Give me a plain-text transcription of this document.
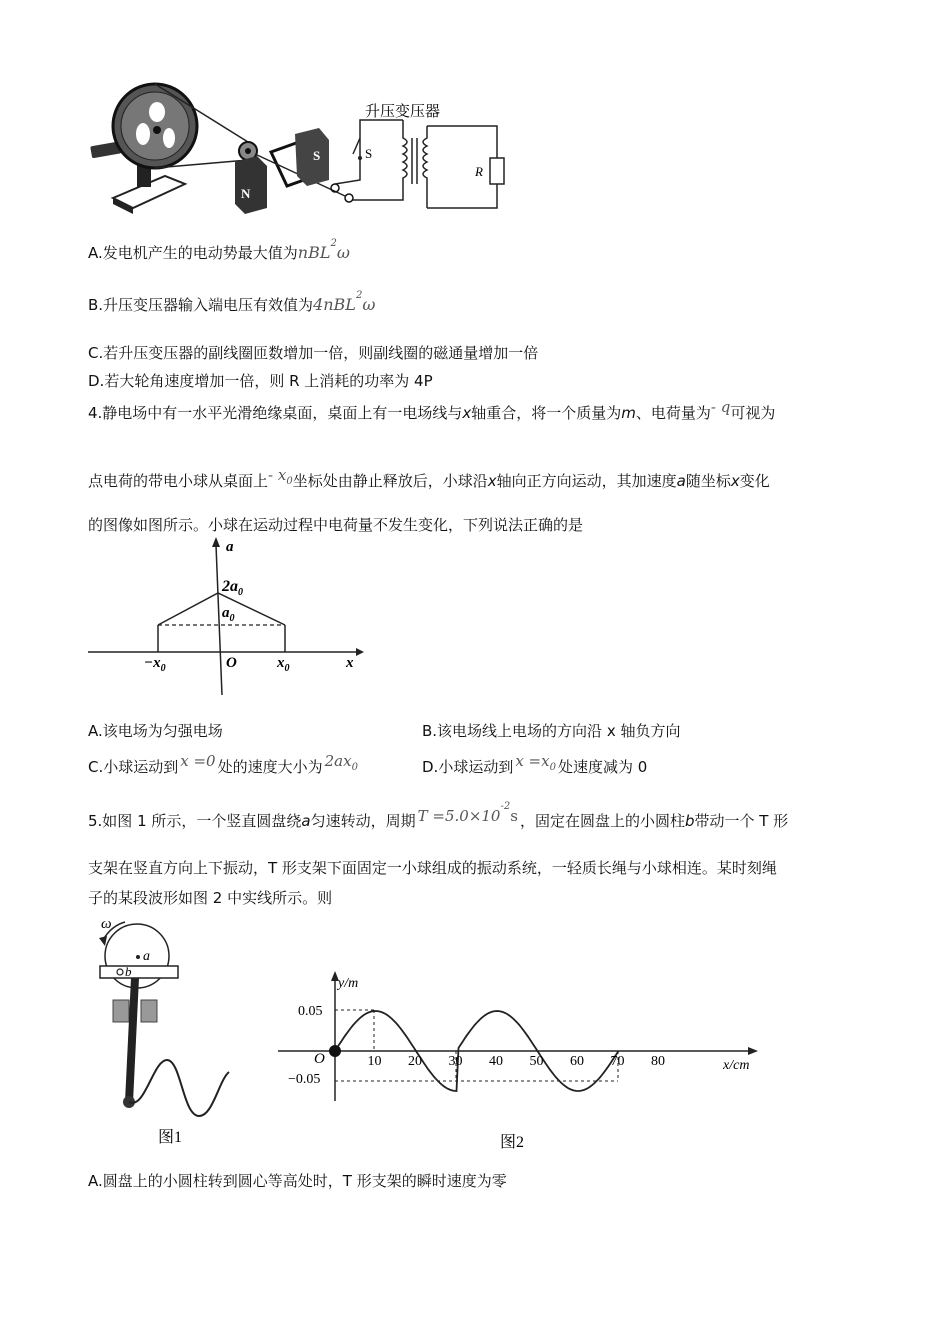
N
S	S
R
升压变压器
A.发电机产生的电动势最大值为nBL$^2$ω
B.升压变压器输入端电压有效值为4nBL$^2$ω
C.若升压变压器的副线圈匝数增加一倍，则副线圈的磁通量增加一倍
D.若大轮角速度增加一倍，则 R 上消耗的功率为 4P
4.静电场中有一水平光滑绝缘桌面，桌面上有一电场线与x轴重合，将一个质量为m、电荷量为- q可视为
点电荷的带电小球从桌面上- x0坐标处由静止释放后，小球沿x轴向正方向运动，其加速度a随坐标x变化
的图像如图所示。小球在运动过程中电荷量不发生变化，下列说法正确的是
a
x
$2a_0$
$a_0$
$-x_0$	O	$x_0$
A.该电场为匀强电场	B.该电场线上电场的方向沿 x 轴负方向
C.小球运动到 x =0 处的速度大小为 2ax0	D.小球运动到 x =x0 处速度减为 0
5.如图 1 所示，一个竖直圆盘绕a匀速转动，周期 $T =5.0\times 10^{-2}s$ ，固定在圆盘上的小圆柱b带动一个 T 形
支架在竖直方向上下振动，T 形支架下面固定一小球组成的振动系统，一轻质长绳与小球相连。某时刻绳
子的某段波形如图 2 中实线所示。则
ω
a
b
图1
y/m
x/cm
0.05
−0.05
O	10 20 30 40 50 60 70 80
图2
A.圆盘上的小圆柱转到圆心等高处时，T 形支架的瞬时速度为零
